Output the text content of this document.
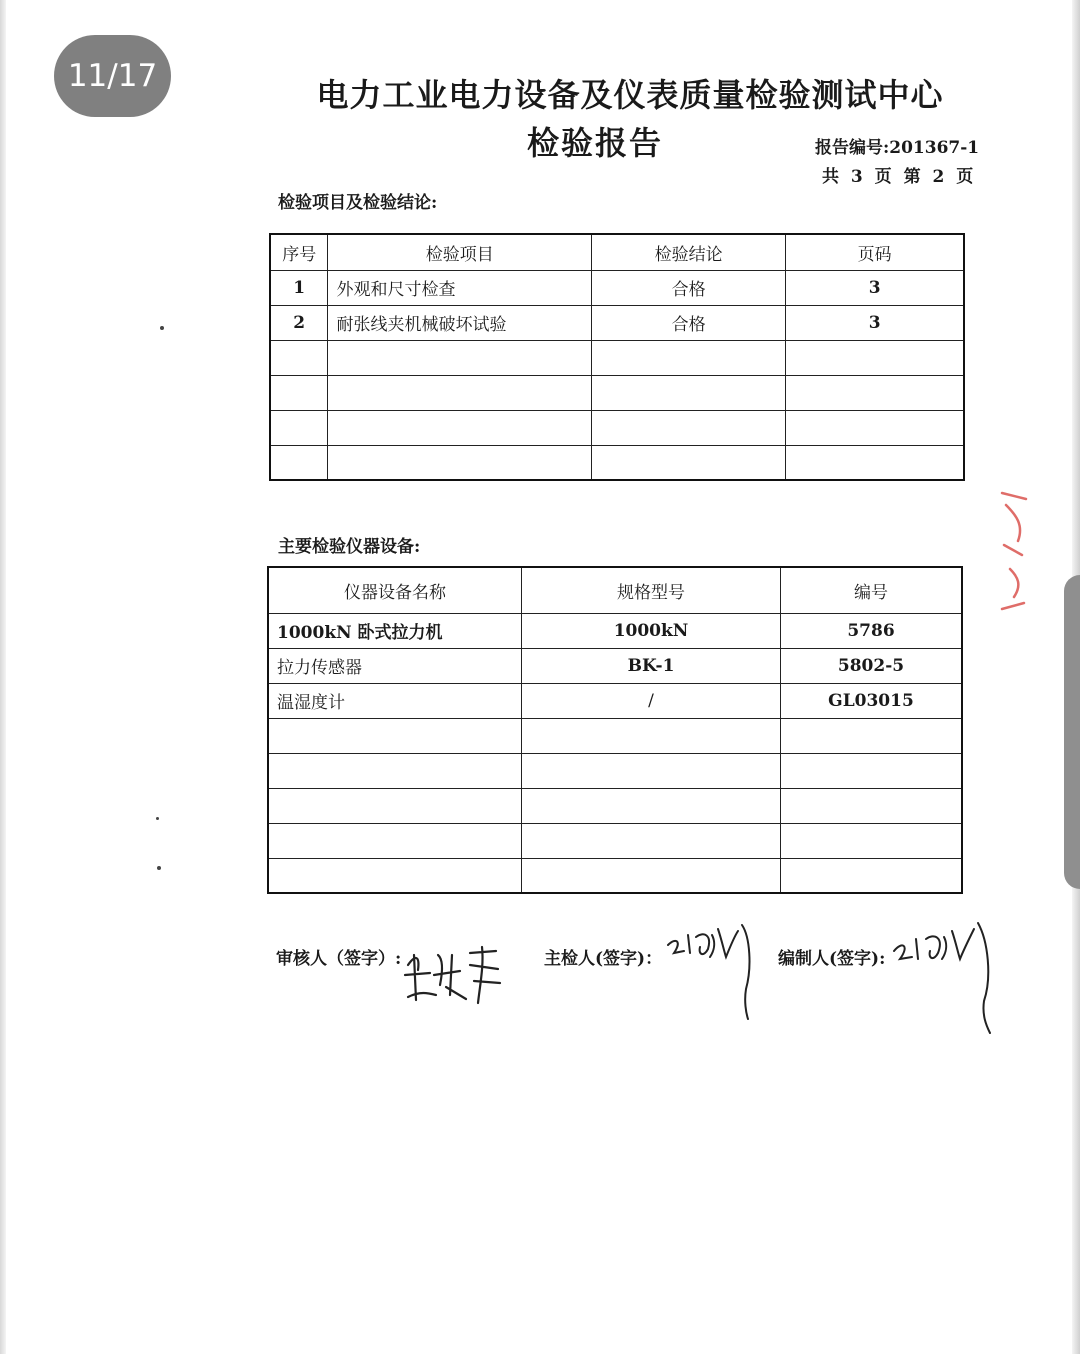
电力工业电力设备及仪表质量检验测试中心
检验报告	报告编号:201367-1
共 3 页 第 2 页
检验项目及检验结论:
序号	检验项目	检验结论	页码
1	外观和尺寸检查	合格	3
2	耐张线夹机械破坏试验	合格	3

主要检验仪器设备:
仪器设备名称	规格型号	编号
1000kN 卧式拉力机	1000kN	5786
拉力传感器	BK-1	5802-5
温湿度计	/	GL03015

审核人（签字）:	主检人(签字)：	编制人(签字):
11/17
